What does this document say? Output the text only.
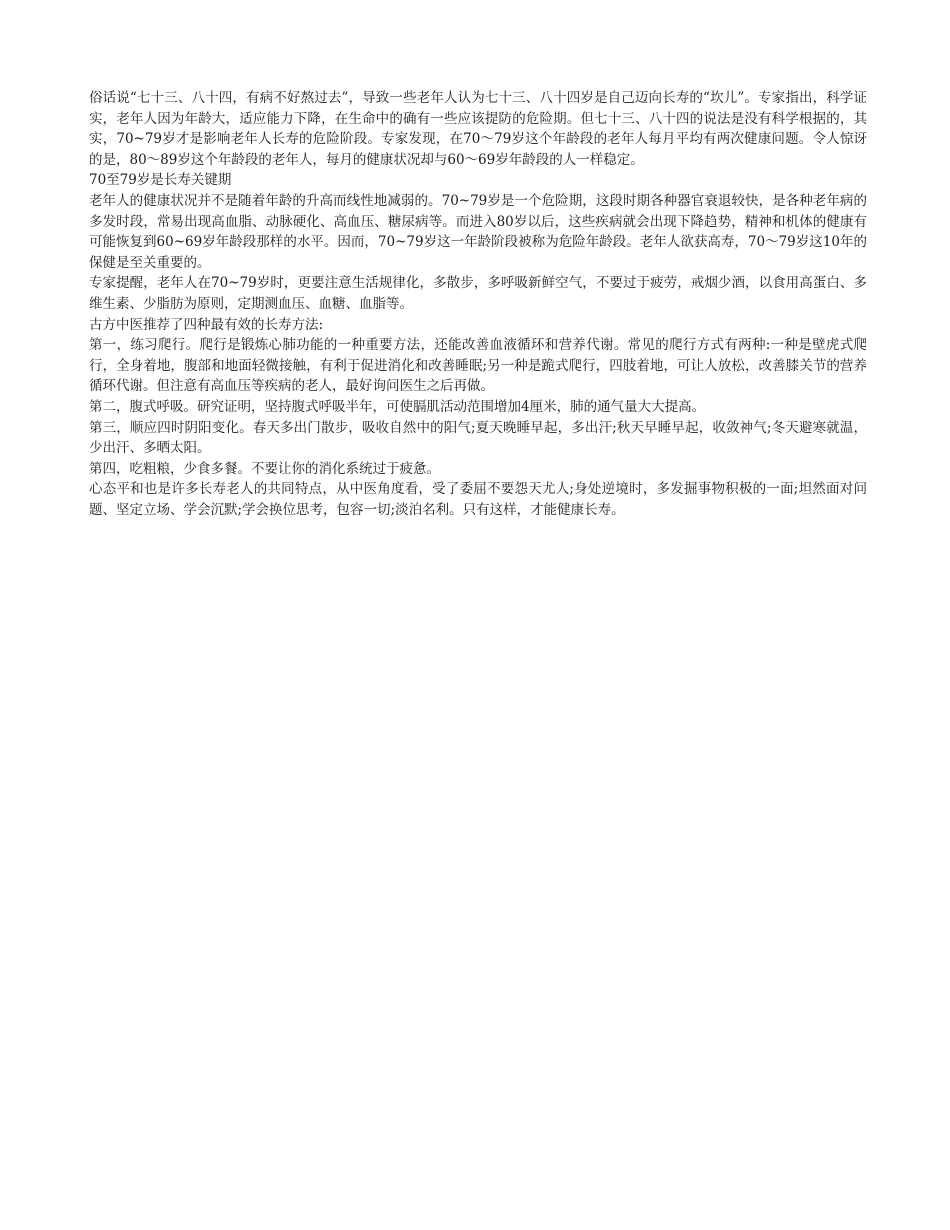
俗话说“七十三、八十四，有病不好熬过去”，导致一些老年人认为七十三、八十四岁是自己迈向长寿的“坎儿”。专家指出，科学证实，老年人因为年龄大，适应能力下降，在生命中的确有一些应该提防的危险期。但七十三、八十四的说法是没有科学根据的，其实，70~79岁才是影响老年人长寿的危险阶段。专家发现，在70～79岁这个年龄段的老年人每月平均有两次健康问题。令人惊讶的是，80～89岁这个年龄段的老年人，每月的健康状况却与60～69岁年龄段的人一样稳定。

70至79岁是长寿关键期

老年人的健康状况并不是随着年龄的升高而线性地减弱的。70~79岁是一个危险期，这段时期各种器官衰退较快，是各种老年病的多发时段，常易出现高血脂、动脉硬化、高血压、糖尿病等。而进入80岁以后，这些疾病就会出现下降趋势，精神和机体的健康有可能恢复到60~69岁年龄段那样的水平。因而，70~79岁这一年龄阶段被称为危险年龄段。老年人欲获高寿，70～79岁这10年的保健是至关重要的。

专家提醒，老年人在70~79岁时，更要注意生活规律化，多散步，多呼吸新鲜空气，不要过于疲劳，戒烟少酒，以食用高蛋白、多维生素、少脂肪为原则，定期测血压、血糖、血脂等。

古方中医推荐了四种最有效的长寿方法:

第一，练习爬行。爬行是锻炼心肺功能的一种重要方法，还能改善血液循环和营养代谢。常见的爬行方式有两种:一种是壁虎式爬行，全身着地，腹部和地面轻微接触，有利于促进消化和改善睡眠;另一种是跪式爬行，四肢着地，可让人放松，改善膝关节的营养循环代谢。但注意有高血压等疾病的老人，最好询问医生之后再做。

第二，腹式呼吸。研究证明，坚持腹式呼吸半年，可使膈肌活动范围增加4厘米，肺的通气量大大提高。

第三，顺应四时阴阳变化。春天多出门散步，吸收自然中的阳气;夏天晚睡早起，多出汗;秋天早睡早起，收敛神气;冬天避寒就温，少出汗、多晒太阳。

第四，吃粗粮，少食多餐。不要让你的消化系统过于疲惫。

心态平和也是许多长寿老人的共同特点，从中医角度看，受了委屈不要怨天尤人;身处逆境时，多发掘事物积极的一面;坦然面对问题、坚定立场、学会沉默;学会换位思考，包容一切;淡泊名利。只有这样，才能健康长寿。
